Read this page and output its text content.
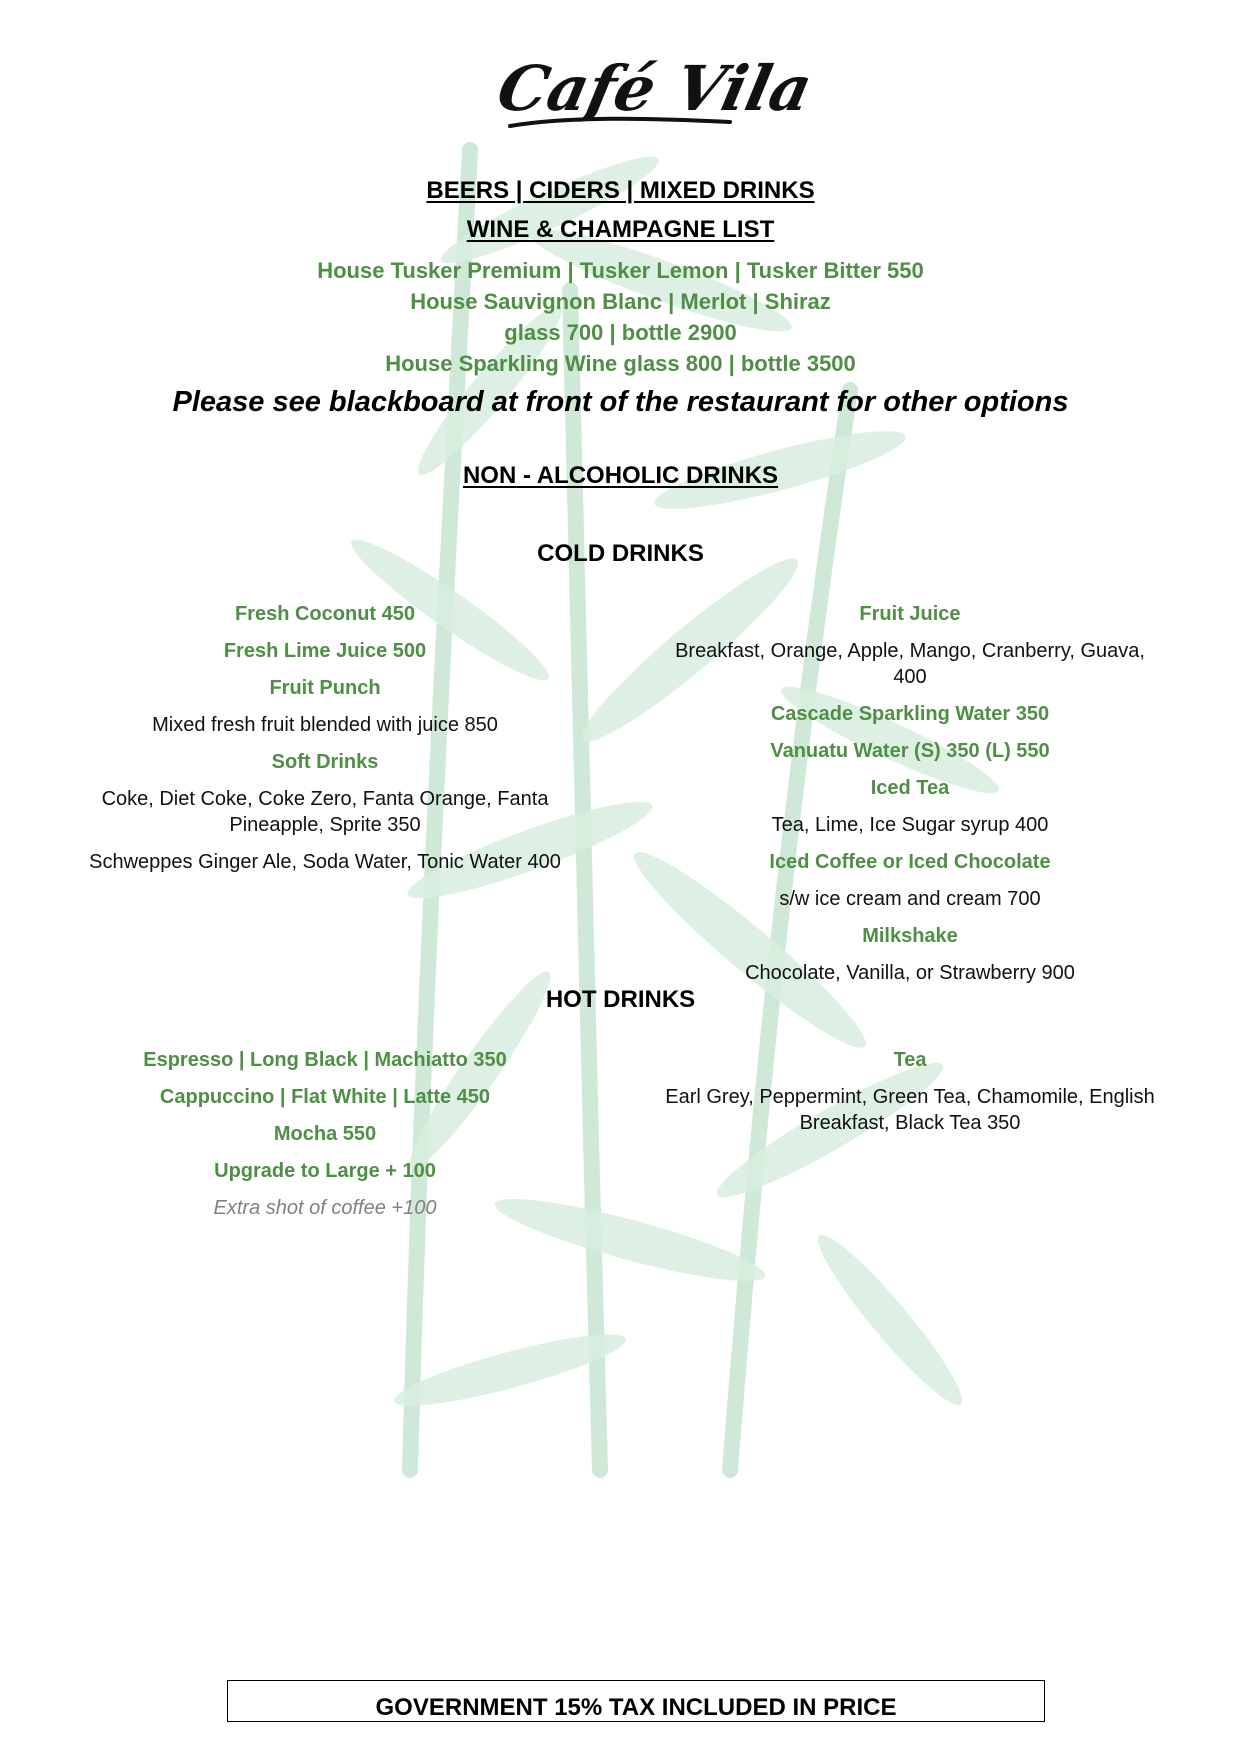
Café Vila
BEERS | CIDERS | MIXED DRINKS
WINE & CHAMPAGNE LIST
House Tusker Premium | Tusker Lemon | Tusker Bitter 550
House Sauvignon Blanc | Merlot | Shiraz
glass 700 | bottle 2900
House Sparkling Wine glass 800 | bottle 3500
Please see blackboard at front of the restaurant for other options
NON - ALCOHOLIC DRINKS
COLD DRINKS
Fresh Coconut 450
Fresh Lime Juice 500
Fruit Punch
Mixed fresh fruit blended with juice 850
Soft Drinks
Coke, Diet Coke, Coke Zero, Fanta Orange, Fanta Pineapple, Sprite 350
Schweppes Ginger Ale, Soda Water, Tonic Water 400
Fruit Juice
Breakfast, Orange, Apple, Mango, Cranberry, Guava, 400
Cascade Sparkling Water 350
Vanuatu Water (S) 350 (L) 550
Iced Tea
Tea, Lime, Ice Sugar syrup 400
Iced Coffee or Iced Chocolate
s/w ice cream and cream 700
Milkshake
Chocolate, Vanilla, or Strawberry 900
HOT DRINKS
Espresso | Long Black | Machiatto 350
Cappuccino | Flat White | Latte 450
Mocha 550
Upgrade to Large + 100
Extra shot of coffee +100
Tea
Earl Grey, Peppermint, Green Tea, Chamomile, English Breakfast, Black Tea 350
GOVERNMENT 15% TAX INCLUDED IN PRICE
